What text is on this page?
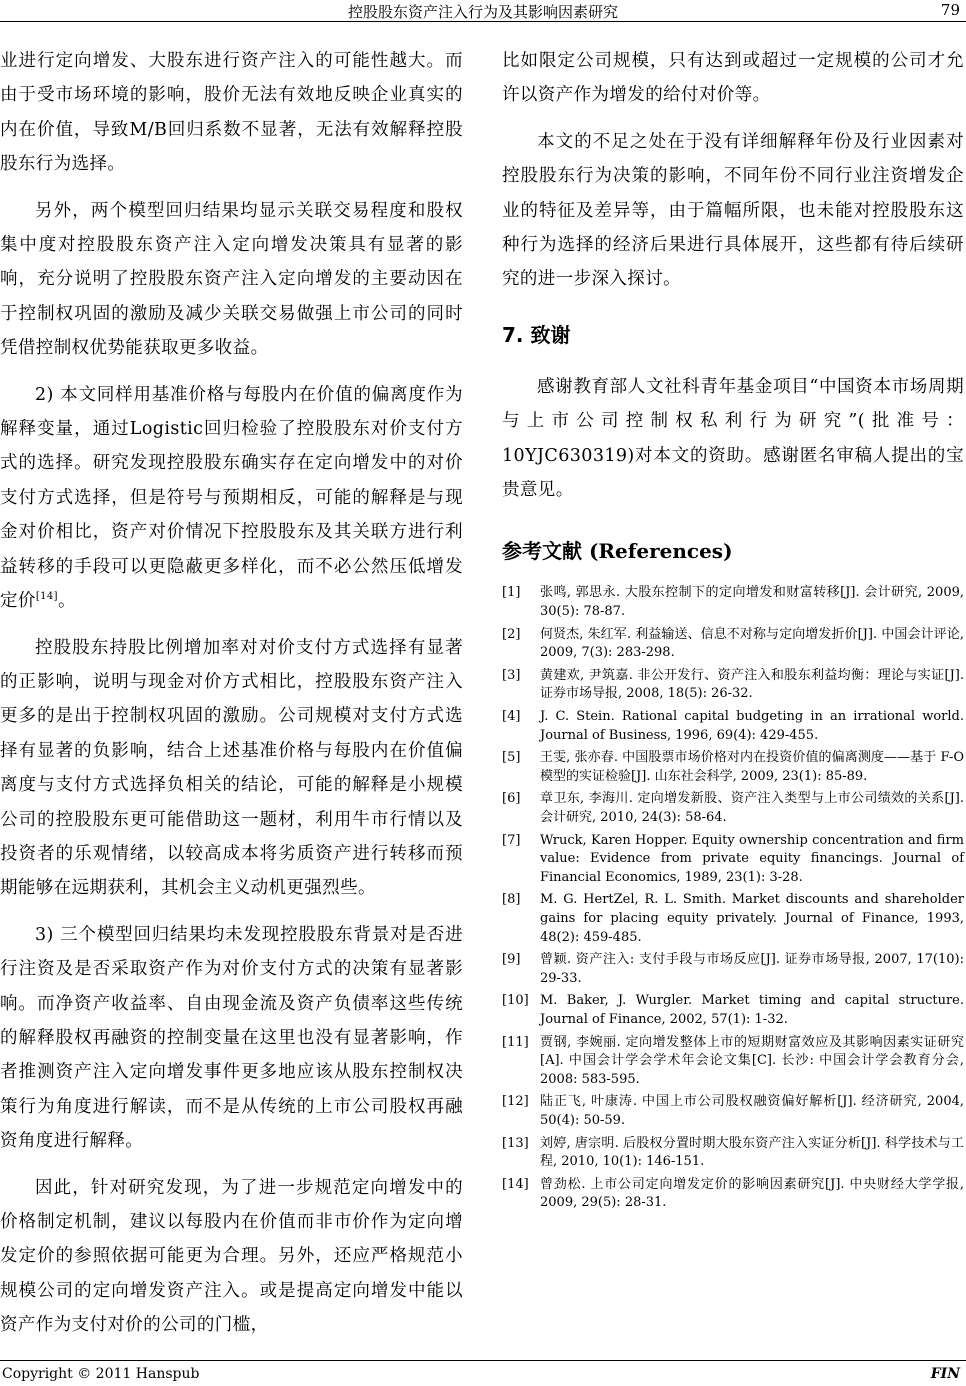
控股股东资产注入行为及其影响因素研究	79

业进行定向增发、大股东进行资产注入的可能性越大。而由于受市场环境的影响，股价无法有效地反映企业真实的内在价值，导致M/B回归系数不显著，无法有效解释控股股东行为选择。

另外，两个模型回归结果均显示关联交易程度和股权集中度对控股股东资产注入定向增发决策具有显著的影响，充分说明了控股股东资产注入定向增发的主要动因在于控制权巩固的激励及减少关联交易做强上市公司的同时凭借控制权优势能获取更多收益。

2) 本文同样用基准价格与每股内在价值的偏离度作为解释变量，通过Logistic回归检验了控股股东对价支付方式的选择。研究发现控股股东确实存在定向增发中的对价支付方式选择，但是符号与预期相反，可能的解释是与现金对价相比，资产对价情况下控股股东及其关联方进行利益转移的手段可以更隐蔽更多样化，而不必公然压低增发定价[14]。

控股股东持股比例增加率对对价支付方式选择有显著的正影响，说明与现金对价方式相比，控股股东资产注入更多的是出于控制权巩固的激励。公司规模对支付方式选择有显著的负影响，结合上述基准价格与每股内在价值偏离度与支付方式选择负相关的结论，可能的解释是小规模公司的控股股东更可能借助这一题材，利用牛市行情以及投资者的乐观情绪，以较高成本将劣质资产进行转移而预期能够在远期获利，其机会主义动机更强烈些。

3) 三个模型回归结果均未发现控股股东背景对是否进行注资及是否采取资产作为对价支付方式的决策有显著影响。而净资产收益率、自由现金流及资产负债率这些传统的解释股权再融资的控制变量在这里也没有显著影响，作者推测资产注入定向增发事件更多地应该从股东控制权决策行为角度进行解读，而不是从传统的上市公司股权再融资角度进行解释。

因此，针对研究发现，为了进一步规范定向增发中的价格制定机制，建议以每股内在价值而非市价作为定向增发定价的参照依据可能更为合理。另外，还应严格规范小规模公司的定向增发资产注入。或是提高定向增发中能以资产作为支付对价的公司的门槛，

比如限定公司规模，只有达到或超过一定规模的公司才允许以资产作为增发的给付对价等。

本文的不足之处在于没有详细解释年份及行业因素对控股股东行为决策的影响，不同年份不同行业注资增发企业的特征及差异等，由于篇幅所限，也未能对控股股东这种行为选择的经济后果进行具体展开，这些都有待后续研究的进一步深入探讨。

7. 致谢

感谢教育部人文社科青年基金项目“中国资本市场周期与上市公司控制权私利行为研究”(批准号：10YJC630319)对本文的资助。感谢匿名审稿人提出的宝贵意见。

参考文献 (References)
[1]	张鸣, 郭思永. 大股东控制下的定向增发和财富转移[J]. 会计研究, 2009, 30(5): 78-87.
[2]	何贤杰, 朱红军. 利益输送、信息不对称与定向增发折价[J]. 中国会计评论, 2009, 7(3): 283-298.
[3]	黄建欢, 尹筑嘉. 非公开发行、资产注入和股东利益均衡：理论与实证[J]. 证券市场导报, 2008, 18(5): 26-32.
[4]	J. C. Stein. Rational capital budgeting in an irrational world. Journal of Business, 1996, 69(4): 429-455.
[5]	王雯, 张亦春. 中国股票市场价格对内在投资价值的偏离测度——基于 F-O 模型的实证检验[J]. 山东社会科学, 2009, 23(1): 85-89.
[6]	章卫东, 李海川. 定向增发新股、资产注入类型与上市公司绩效的关系[J]. 会计研究, 2010, 24(3): 58-64.
[7]	Wruck, Karen Hopper. Equity ownership concentration and firm value: Evidence from private equity financings. Journal of Financial Economics, 1989, 23(1): 3-28.
[8]	M. G. HertZel, R. L. Smith. Market discounts and shareholder gains for placing equity privately. Journal of Finance, 1993, 48(2): 459-485.
[9]	曾颖. 资产注入: 支付手段与市场反应[J]. 证券市场导报, 2007, 17(10): 29-33.
[10] M. Baker, J. Wurgler. Market timing and capital structure. Journal of Finance, 2002, 57(1): 1-32.
[11] 贾钢, 李婉丽. 定向增发整体上市的短期财富效应及其影响因素实证研究[A]. 中国会计学会学术年会论文集[C]. 长沙: 中国会计学会教育分会, 2008: 583-595.
[12] 陆正飞, 叶康涛. 中国上市公司股权融资偏好解析[J]. 经济研究, 2004, 50(4): 50-59.
[13] 刘婷, 唐宗明. 后股权分置时期大股东资产注入实证分析[J]. 科学技术与工程, 2010, 10(1): 146-151.
[14] 曾劲松. 上市公司定向增发定价的影响因素研究[J]. 中央财经大学学报, 2009, 29(5): 28-31.
Copyright © 2011 Hanspub	FIN
